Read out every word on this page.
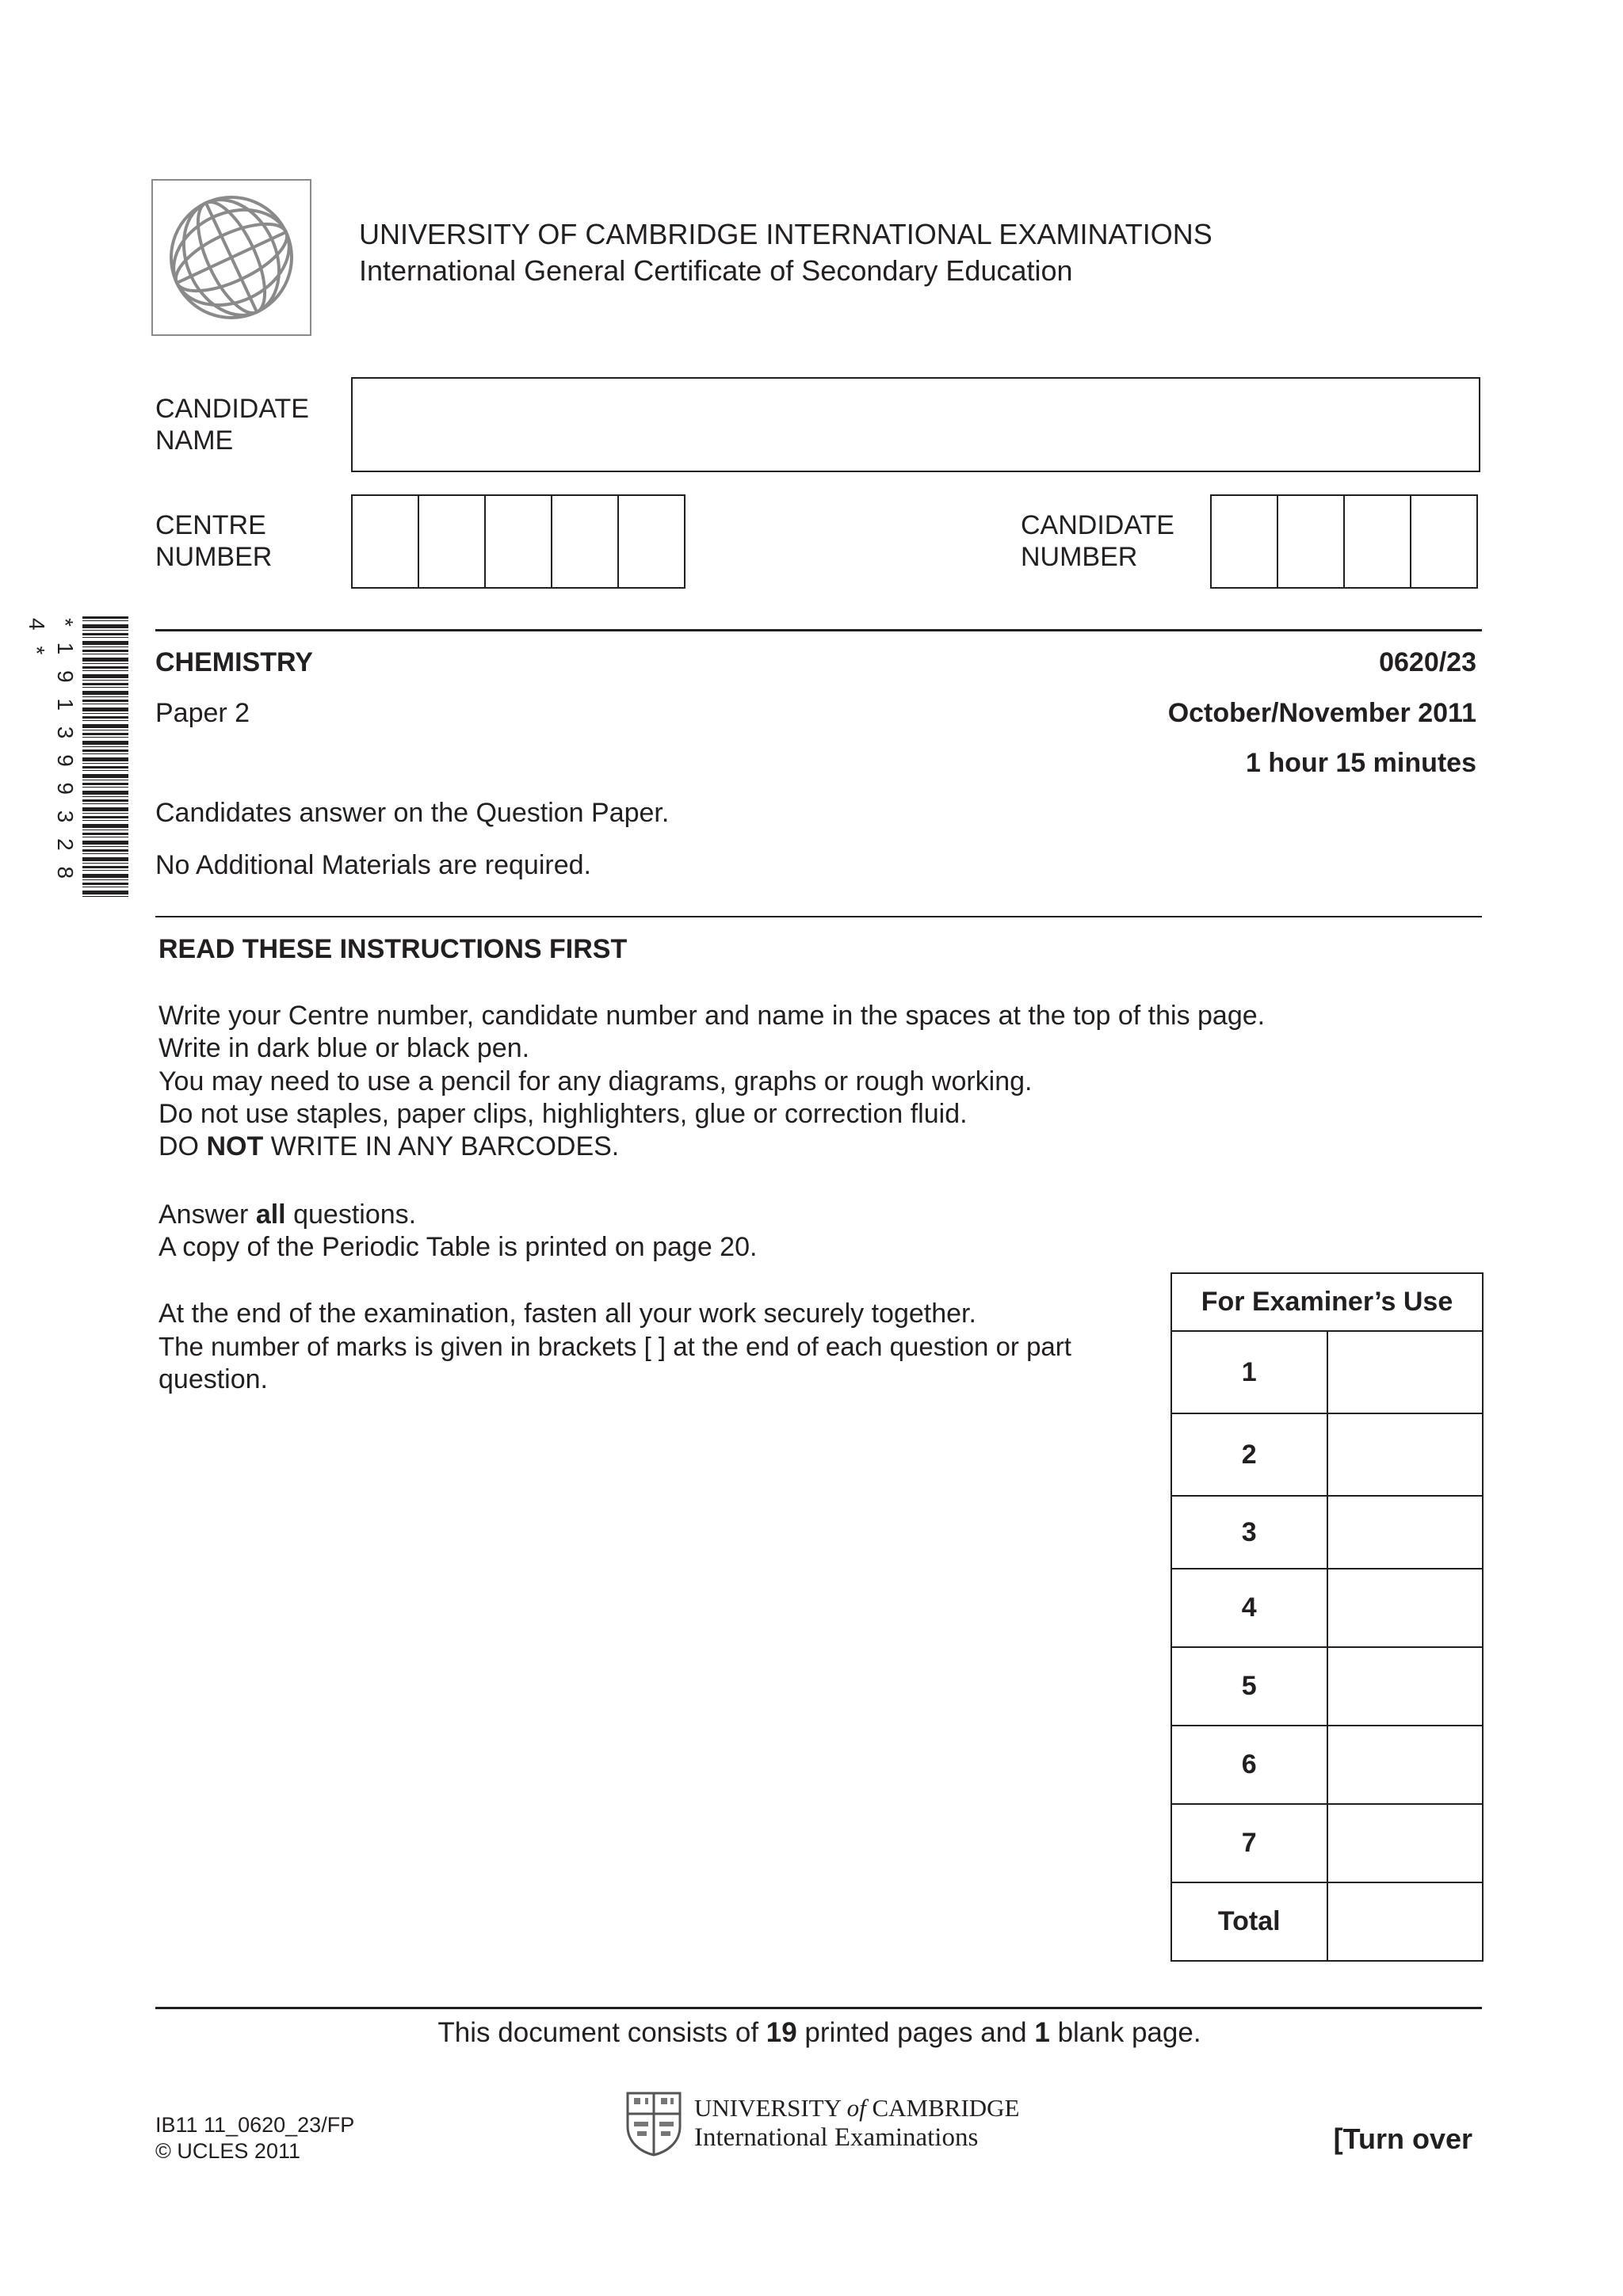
UNIVERSITY OF CAMBRIDGE INTERNATIONAL EXAMINATIONS
International General Certificate of Secondary Education
CANDIDATE
NAME
CENTRE
NUMBER
CANDIDATE
NUMBER
* 1 9 1 3 9 9 3 2 8 4 *
CHEMISTRY	0620/23
Paper 2	October/November 2011
1 hour 15 minutes
Candidates answer on the Question Paper.
No Additional Materials are required.
READ THESE INSTRUCTIONS FIRST
Write your Centre number, candidate number and name in the spaces at the top of this page.
Write in dark blue or black pen.
You may need to use a pencil for any diagrams, graphs or rough working.
Do not use staples, paper clips, highlighters, glue or correction fluid.
DO NOT WRITE IN ANY BARCODES.
Answer all questions.
A copy of the Periodic Table is printed on page 20.
At the end of the examination, fasten all your work securely together.
The number of marks is given in brackets [ ] at the end of each question or part
question.
For Examiner’s Use	
1	
2	
3	
4	
5	
6	
7	
Total	
This document consists of 19 printed pages and 1 blank page.
IB11 11_0620_23/FP
© UCLES 2011
UNIVERSITY of CAMBRIDGE
International Examinations	[Turn over
